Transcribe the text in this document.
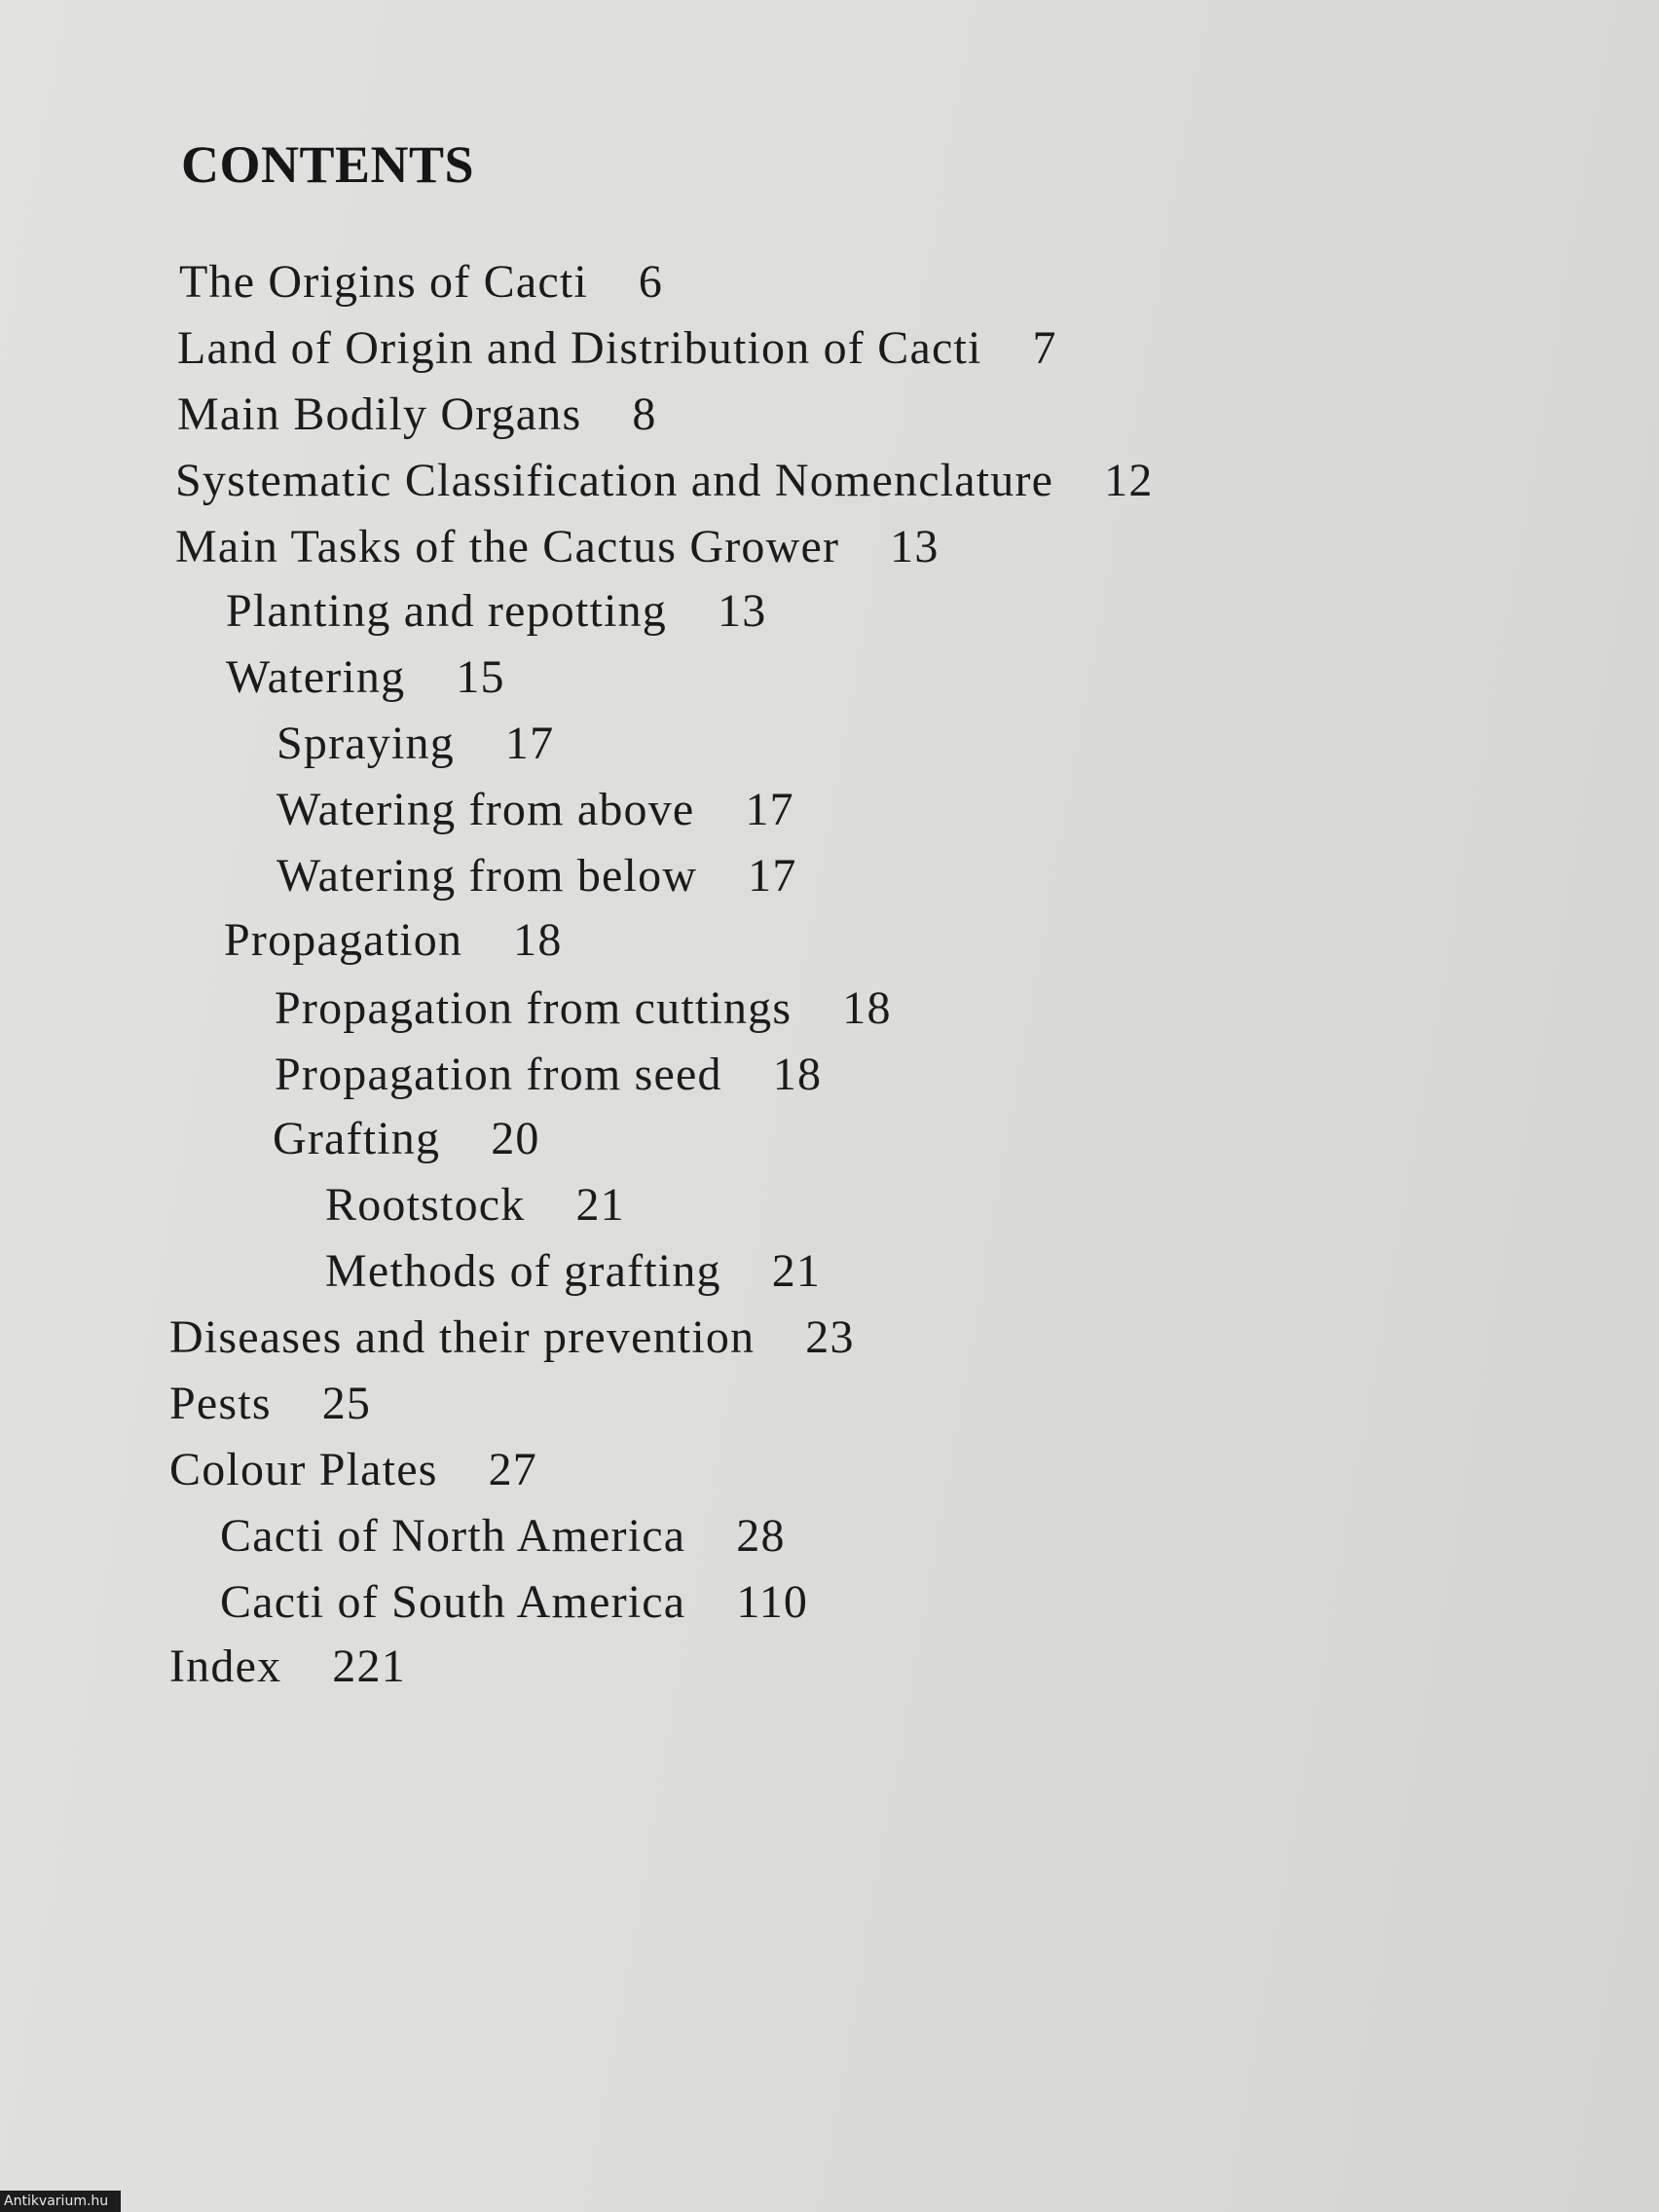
CONTENTS
The Origins of Cacti 6
Land of Origin and Distribution of Cacti 7
Main Bodily Organs 8
Systematic Classification and Nomenclature 12
Main Tasks of the Cactus Grower 13
Planting and repotting 13
Watering 15
Spraying 17
Watering from above 17
Watering from below 17
Propagation 18
Propagation from cuttings 18
Propagation from seed 18
Grafting 20
Rootstock 21
Methods of grafting 21
Diseases and their prevention 23
Pests 25
Colour Plates 27
Cacti of North America 28
Cacti of South America 110
Index 221
Antikvarium.hu
